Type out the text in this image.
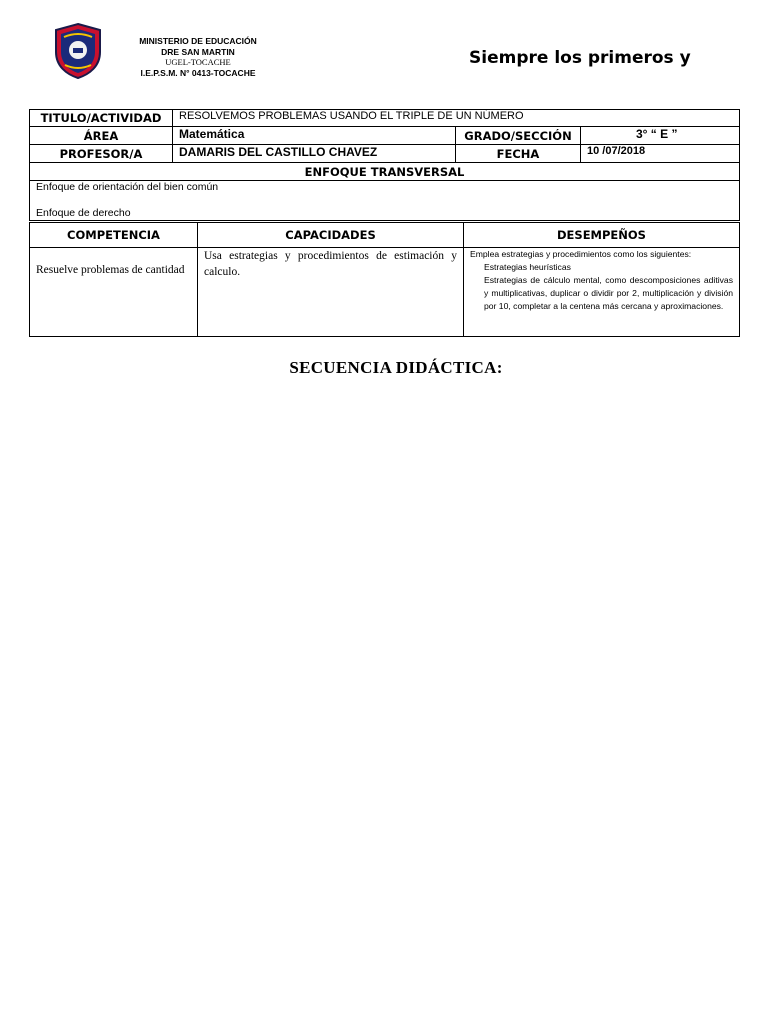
MINISTERIO DE EDUCACIÓN
DRE SAN MARTIN
UGEL-TOCACHE
I.E.P.S.M. N° 0413-TOCACHE
Siempre los primeros y
TITULO/ACTIVIDAD	RESOLVEMOS PROBLEMAS USANDO EL TRIPLE DE UN NÚMERO		
ÁREA	Matemática	GRADO/SECCIÓN	3° “ E ”
PROFESOR/A	DAMARIS DEL CASTILLO CHAVEZ	FECHA	10 /07/2018
ENFOQUE TRANSVERSAL			

Enfoque de orientación del bien común
Enfoque de derecho			
COMPETENCIA	CAPACIDADES	DESEMPEÑOS
Resuelve problemas de cantidad	Usa estrategias y procedimientos de estimación y calculo.	Emplea estrategias y procedimientos como los siguientes:
Estrategias heurísticas
Estrategias de cálculo mental, como descomposiciones aditivas y multiplicativas, duplicar o dividir por 2, multiplicación y división por 10, completar a la centena más cercana y aproximaciones.
SECUENCIA DIDÁCTICA:
